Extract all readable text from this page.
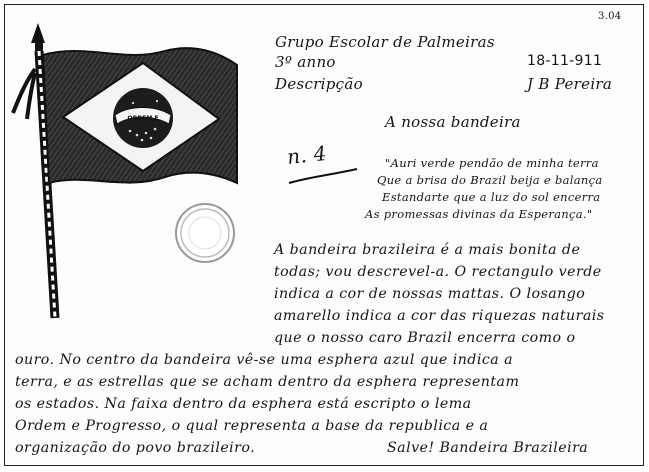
3.04
ORDEM E
Grupo Escolar de Palmeiras
3º anno	18-11-911
Descripção	J B Pereira
A nossa bandeira
n. 4	"Auri verde pendão de minha terra
Que a brisa do Brazil beija e balança
Estandarte que a luz do sol encerra
As promessas divinas da Esperança."
A bandeira brazileira é a mais bonita de
todas; vou descrevel-a. O rectangulo verde
indica a cor de nossas mattas. O losango
amarello indica a cor das riquezas naturais
que o nosso caro Brazil encerra como o
ouro. No centro da bandeira vê-se uma esphera azul que indica a
terra, e as estrellas que se acham dentro da esphera representam
os estados. Na faixa dentro da esphera está escripto o lema
Ordem e Progresso, o qual representa a base da republica e a
organização do povo brazileiro.	Salve! Bandeira Brazileira
